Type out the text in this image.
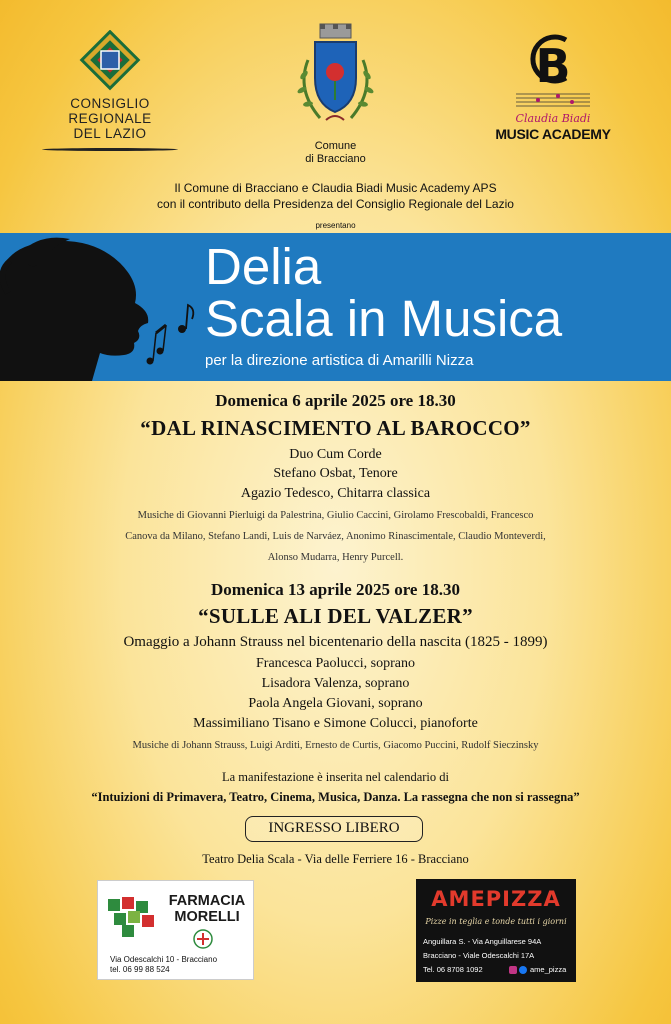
CONSIGLIO
REGIONALE
DEL LAZIO
Comune
di Bracciano
B
Claudia Biadi
MUSIC ACADEMY
Il Comune di Bracciano e Claudia Biadi Music Academy APS
con il contributo della Presidenza del Consiglio Regionale del Lazio
presentano
Delia
Scala in Musica
per la direzione artistica di Amarilli Nizza
Domenica 6 aprile 2025 ore 18.30
“DAL RINASCIMENTO AL BAROCCO”
Duo Cum Corde
Stefano Osbat, Tenore
Agazio Tedesco, Chitarra classica
Musiche di Giovanni Pierluigi da Palestrina, Giulio Caccini, Girolamo Frescobaldi, Francesco
Canova da Milano, Stefano Landi, Luis de Narváez, Anonimo Rinascimentale, Claudio Monteverdi,
Alonso Mudarra, Henry Purcell.
Domenica 13 aprile 2025 ore 18.30
“SULLE ALI DEL VALZER”
Omaggio a Johann Strauss nel bicentenario della nascita (1825 - 1899)
Francesca Paolucci, soprano
Lisadora Valenza, soprano
Paola Angela Giovani, soprano
Massimiliano Tisano e Simone Colucci, pianoforte
Musiche di Johann Strauss, Luigi Arditi, Ernesto de Curtis, Giacomo Puccini, Rudolf Sieczinsky
La manifestazione è inserita nel calendario di
“Intuizioni di Primavera, Teatro, Cinema, Musica, Danza. La rassegna che non si rassegna”
INGRESSO LIBERO
Teatro Delia Scala - Via delle Ferriere 16 - Bracciano
FARMACIA
MORELLI
Via Odescalchi 10 - Bracciano
tel. 06 99 88 524
AMEPIZZA
Pizze in teglia e tonde tutti i giorni
Anguillara S. - Via Anguillarese 94A
Bracciano - Viale Odescalchi 17A
Tel. 06 8708 1092	ame_pizza
